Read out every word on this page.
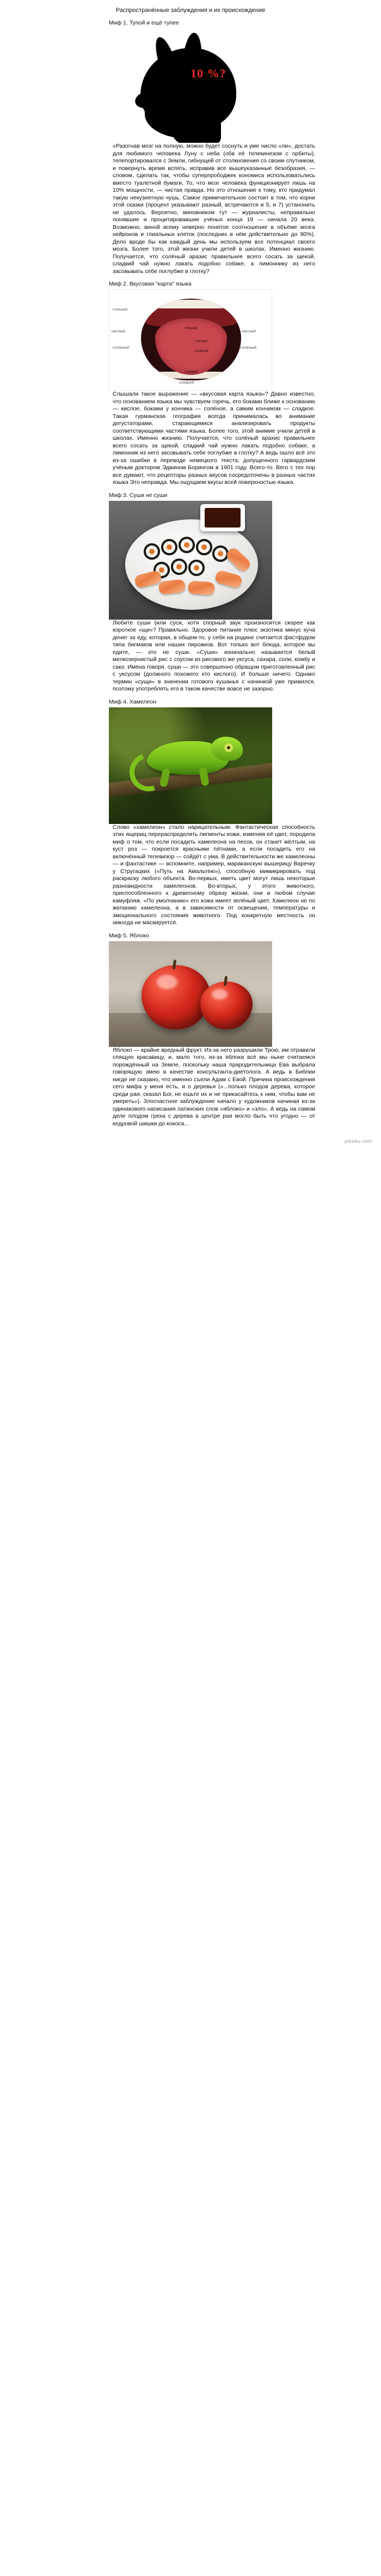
Распространённые заблуждения и их происхождение
Миф 1. Тупой и ещё тупее
10 %?

«Разогнав мозг на полную, можно будет соснуть и уме число «ли», достать для любимого человека Луну с неба (обв её телекинезом с орбиты), телепортировался с Земли, гибнущей от столкновения со своим спутником, и повернуть время вспять, исправив все вышеуказанные безобразия, — словом, сделать так, чтобы суперпрободжек кономиса использоватьлись вместо туалетной бумаги. То, что мозг человека функционирует лишь на 10% мощности, — чистая правда. Но это отношение к тому, кто придумал такую некузиятную чушь. Самое примечательное состоит в том, что корни этой сказки (процент указывают разный, встречаются и 5, и 7) устанонить не удалось. Вероятно, виновником тут — журналисты, неправильно понявшие и процитировавшие учёных конца 19 — начала 20 века. Возможно, виной всему неверно понятое соотношение в объёме мозга нейронов и глиальных клеток (последних в нём действительно до 90%). Дело вроде бы как каждый день мы используем все потенциал своего мозга. Более того, этой жизни учили детей в школах. Именно жизнию. Получается, что солёный аразис правильнее всего сосать за щекой, сладкий чай нужно лакать подобно собаке, а лимоннику из него засовывать себе поглубже в глотку?

Миф 2. Вкусовая "карта" языка
ГОРЬКИЙ
КИСЛЫЙ
СОЛЁНЫЙ
СЛАДКИЙ
ГОРЬКИЙ
КИСЛЫЙ	КИСЛЫЙ
СОЛЁНЫЙ	СОЛЁНЫЙ
СЛАДКИЙ

Слышали такое выражение — «вкусовая карта языка»? Давно известно, что основанием языка мы чувствуем горечь, его боками ближе к основанию — кислое, боками у кончика — солёное, а самим кончиком — сладкое. Такая гурманская география всегда принималась во внимание дегустаторами, старающимися анализировать продукты соответствующими частями языка. Более того, этой анимие учили детей в школах. Именно жизнию. Получается, что солёный арахис правильнее всего сосать за щекой, сладкий чай нужно лакать подобно собаке, а лимонник из него засовывать себе поглубже в глотку? А ведь ошло всё это из-за ошибки в переводе немецкого текста, допущенного гарвардским учёным доктором Эдвином Борингом в 1901 году. Всего-то. Вего с тех пор все думают, что рецепторы разных вкусов сосредоточены в разных частях языка Это неправда. Мы ощущаем вкусы всей поверхностью языка.

Миф 3. Суши не суши

Любите суши (или суси, хотя спорный звук произносится скорее как короткое «щи»? Правильно. Здоровое питание плюс экзотика минус куча денег за еду, которая, в общем-то, у себя на родине считается фастфудом типа бигмаков или наших пирожков. Вот только вот блюда, которое вы едите, — это не суши. «Суши» изначально называется белый мелкозернистый рис с соусом из рисового же уксуса, сахара, соли, комбу и сакэ. Имена говоря, суши — это совершенно обращом приготовленный рис с уксусом (должного похожего кто кислого). И больше ничего. Однако термин «сущи» в значении готового кушанья с начинкой уже прижился, поэтому употреблять его в таком качестве вовсе не зазорно.

Миф 4. Хамелеон

Слово «хамелеон» стало нарицательным. Фантастическая способность этих ящериц перераспределять пигменты кожи, изменяя её цвет, породила миф о том, что если посадить хамелеона на песок, он станет жёлтым, на куст роз — покроется красными пятнами, а если посадить его на включённый телевизор — сойдёт с ума. В действительности же хамелеоны — и фантастике — вспомните, например, мараканскую вышерицу Варечку у Стругацких («Путь на Амальтею»), способную мимикрировать под раскраску любого объекта. Во-первых, иметь цвет могут лишь некоторые разновидности хамелеонов. Во-вторых, у этого животного, приспособленного к древесному образу жизни, они в любом случае камуфляж. «По умолчанию» его кожа имеет зелёный цвет. Хамелеон не по желанию хамелеона, а в зависимости от освещения, температуры и эмоционального состояния животного. Под конкретную местность он никогда не маскируется.

Миф 5. Яблоко

Яблоко — крайне вредный фрукт. Из-за него разрушили Трою, им отравили спящую красавицу, и, мало того, из-за яблока всё мы ныне считаемся порождённый на Земле, поскольку наша прародительница Ева выбрала говорящую змею в качестве консультанта-диетолога. А ведь в Библии нигде не сказано, что именно съели Адам с Евой. Причина происхождения сего мифа у меня есть, и о деревья («...полько плодов дерева, которое среди рая, сказал Бог, не ешьте их и не прикасайтесь к ним, чтобы вам не умереть»). Злосчастное заблуждение начало у художников начиная из-за одинакового написания латинских слов «яблоко» и «зло». А ведь на самом деле плодом греха с дерева в центре рая могло быть что угодно — от кедровой шишки до кокоса...

pikabu.com
